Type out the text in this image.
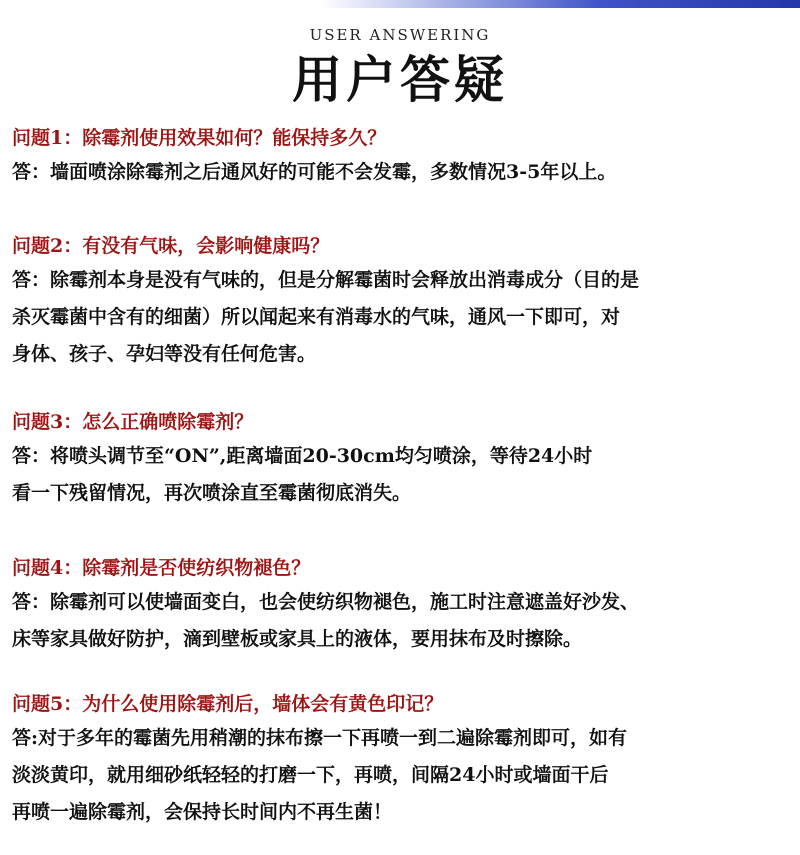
USER ANSWERING
用户答疑
问题1：除霉剂使用效果如何？能保持多久？
答：墙面喷涂除霉剂之后通风好的可能不会发霉，多数情况3-5年以上。
问题2：有没有气味，会影响健康吗？
答：除霉剂本身是没有气味的，但是分解霉菌时会释放出消毒成分（目的是
杀灭霉菌中含有的细菌）所以闻起来有消毒水的气味，通风一下即可，对
身体、孩子、孕妇等没有任何危害。
问题3：怎么正确喷除霉剂？
答：将喷头调节至“ON”,距离墙面20-30cm均匀喷涂，等待24小时
看一下残留情况，再次喷涂直至霉菌彻底消失。
问题4：除霉剂是否使纺织物褪色？
答：除霉剂可以使墙面变白，也会使纺织物褪色，施工时注意遮盖好沙发、
床等家具做好防护，滴到壁板或家具上的液体，要用抹布及时擦除。
问题5：为什么使用除霉剂后，墙体会有黄色印记？
答:对于多年的霉菌先用稍潮的抹布擦一下再喷一到二遍除霉剂即可，如有
淡淡黄印，就用细砂纸轻轻的打磨一下，再喷，间隔24小时或墙面干后
再喷一遍除霉剂，会保持长时间内不再生菌！
